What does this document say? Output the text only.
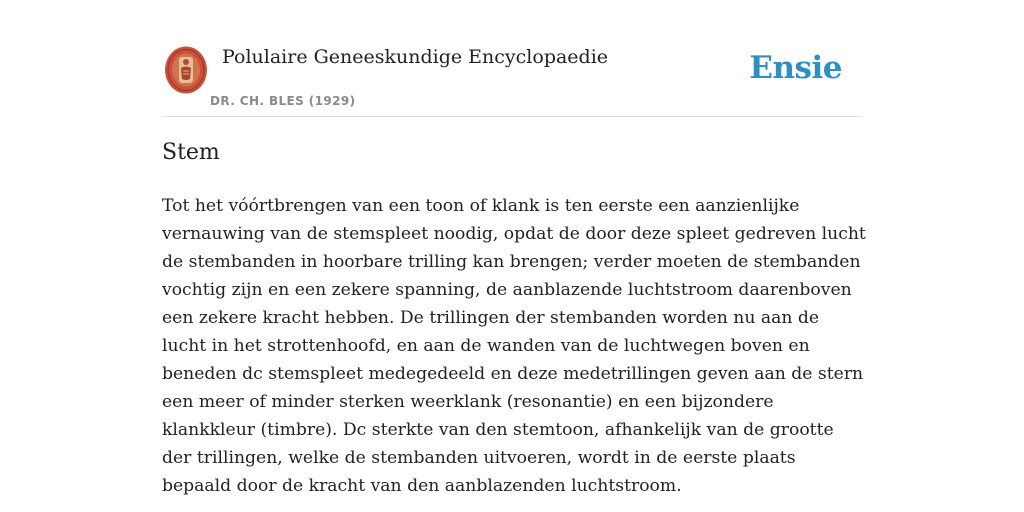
Polulaire Geneeskundige Encyclopaedie
DR. CH. BLES (1929)
Ensie
Stem

Tot het vóórtbrengen van een toon of klank is ten eerste een aanzienlijke vernauwing van de stemspleet noodig, opdat de door deze spleet gedreven lucht de stembanden in hoorbare trilling kan brengen; verder moeten de stembanden vochtig zijn en een zekere spanning, de aanblazende luchtstroom daarenboven een zekere kracht hebben. De trillingen der stembanden worden nu aan de lucht in het strottenhoofd, en aan de wanden van de luchtwegen boven en beneden dc stemspleet medegedeeld en deze medetrillingen geven aan de stern een meer of minder sterken weerklank (resonantie) en een bijzondere klankkleur (timbre). Dc sterkte van den stemtoon, afhankelijk van de grootte der trillingen, welke de stembanden uitvoeren, wordt in de eerste plaats bepaald door de kracht van den aanblazenden luchtstroom.
